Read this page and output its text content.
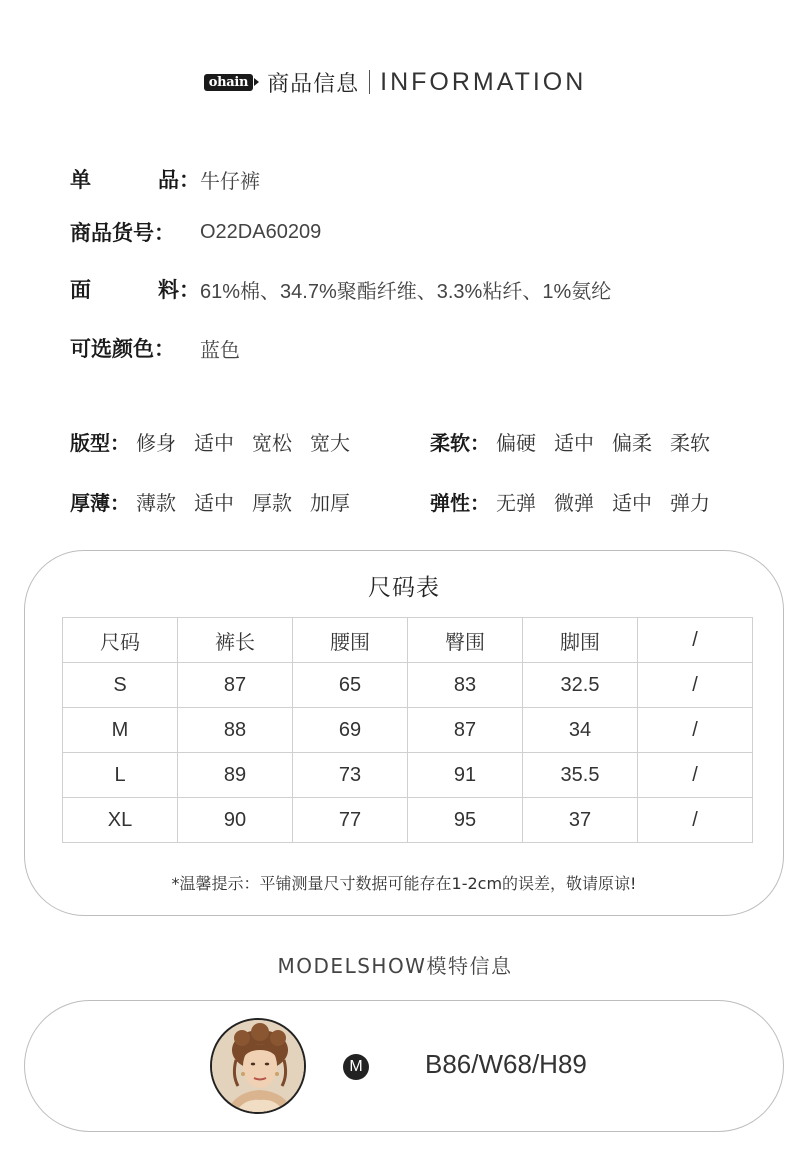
ohain 商品信息 INFORMATION
单	品： 牛仔裤
商品货号：	O22DA60209
面	料： 61%棉、34.7%聚酯纤维、3.3%粘纤、1%氨纶
可选颜色：	蓝色
版型： 修身 适中 宽松 宽大	柔软： 偏硬 适中 偏柔 柔软
厚薄： 薄款 适中 厚款 加厚	弹性： 无弹 微弹 适中 弹力
尺码表
尺码	裤长	腰围	臀围	脚围	/
S	87	65	83	32.5	/
M	88	69	87	34	/
L	89	73	91	35.5	/
XL	90	77	95	37	/
*温馨提示：平铺测量尺寸数据可能存在1-2cm的误差，敬请原谅!
MODELSHOW模特信息
M B86/W68/H89
